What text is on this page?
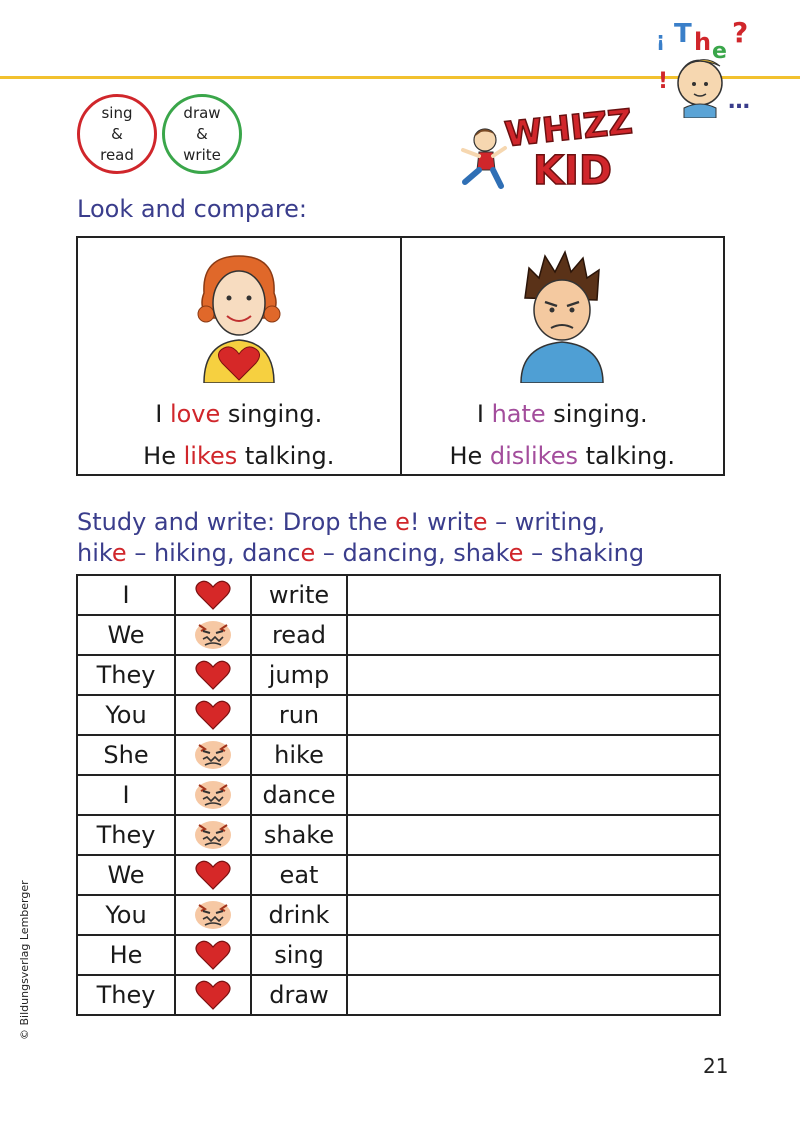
¡ T h e
?
!
…
sing
&
read
draw
&
write	WHIZZ
KID
Look and compare:
I love singing.
He likes talking.
I hate singing.
He dislikes talking.
Study and write: Drop the e! write – writing,
hike – hiking, dance – dancing, shake – shaking
I		write	
We		read	
They		jump	
You		run	
She		hike	
I		dance	
They		shake	
We		eat	
You		drink	
He		sing	
They		draw	
© Bildungsverlag Lemberger
21
